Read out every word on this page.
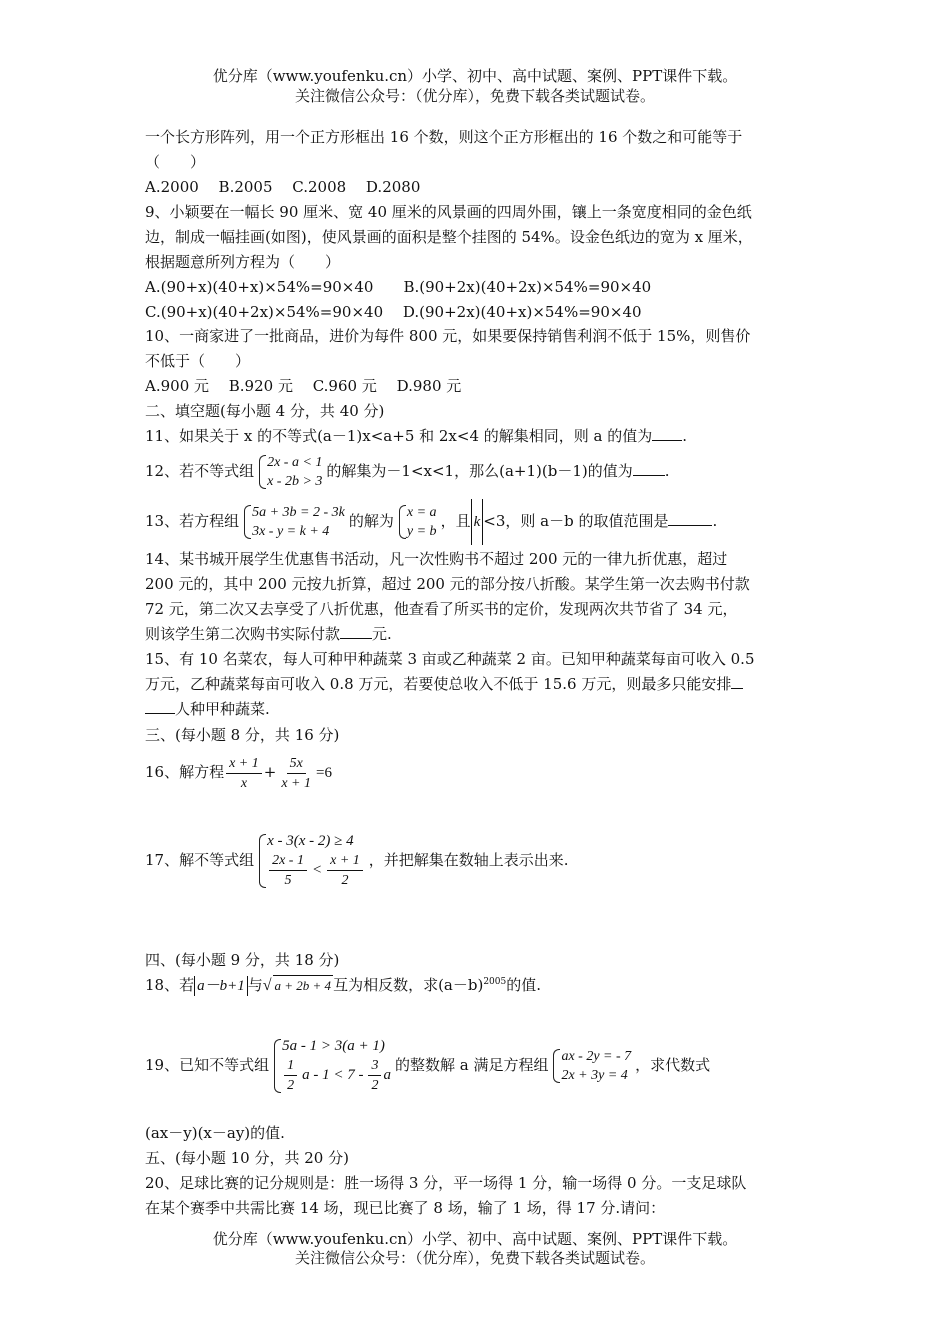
优分库（www.youfenku.cn）小学、初中、高中试题、案例、PPT课件下载。
关注微信公众号：（优分库），免费下载各类试题试卷。
一个长方形阵列，用一个正方形框出 16 个数，则这个正方形框出的 16 个数之和可能等于
（　　）
A.2000　 B.2005　 C.2008　 D.2080
9、小颖要在一幅长 90 厘米、宽 40 厘米的风景画的四周外围，镶上一条宽度相同的金色纸
边，制成一幅挂画(如图)，使风景画的面积是整个挂图的 54%。设金色纸边的宽为 x 厘米，
根据题意所列方程为（　　）
A.(90+x)(40+x)×54%=90×40　　B.(90+2x)(40+2x)×54%=90×40
C.(90+x)(40+2x)×54%=90×40　 D.(90+2x)(40+x)×54%=90×40
10、一商家进了一批商品，进价为每件 800 元，如果要保持销售利润不低于 15%，则售价
不低于（　　）
A.900 元　 B.920 元　 C.960 元　 D.980 元
二、填空题(每小题 4 分，共 40 分)
11、如果关于 x 的不等式(a－1)x<a+5 和 2x<4 的解集相同，则 a 的值为 .
12、若不等式组 2x - a < 1
x - 2b > 3
的解集为－1<x<1，那么(a+1)(b－1)的值为 .
13、若方程组 5a + 3b = 2 - 3k
3x - y = k + 4
的解为 x = a
y = b
，且 k <3，则 a－b 的取值范围是	.
14、某书城开展学生优惠售书活动，凡一次性购书不超过 200 元的一律九折优惠，超过
200 元的，其中 200 元按九折算，超过 200 元的部分按八折酸。某学生第一次去购书付款
72 元，第二次又去享受了八折优惠，他查看了所买书的定价，发现两次共节省了 34 元，
则该学生第二次购书实际付款 元.
15、有 10 名菜农，每人可种甲种蔬菜 3 亩或乙种蔬菜 2 亩。已知甲种蔬菜每亩可收入 0.5
万元，乙种蔬菜每亩可收入 0.8 万元，若要使总收入不低于 15.6 万元，则最多只能安排
人种甲种蔬菜.
三、(每小题 8 分，共 16 分)
16、解方程 $\frac{x + 1}{x} + \frac{5x}{x + 1} =6$
17、解不等式组
x - 3(x - 2) ≥ 4
$\frac{2x - 1}{5} < \frac{x + 1}{2}$ ，并把解集在数轴上表示出来.
四、(每小题 9 分，共 18 分)
18、若 a－b+1 与√ a + 2b + 4 互为相反数，求$(a-b)^{2005}$的值.
19、已知不等式组
5a - 1 > 3(a + 1)
$\frac{1}{2}$ $a - 1 < 7 - \frac{3}{2}$ a
的整数解 a 满足方程组 ax - 2y = - 7
2x + 3y = 4
，求代数式
(ax－y)(x－ay)的值.
五、(每小题 10 分，共 20 分)
20、足球比赛的记分规则是：胜一场得 3 分，平一场得 1 分，输一场得 0 分。一支足球队
在某个赛季中共需比赛 14 场，现已比赛了 8 场，输了 1 场，得 17 分.请问：
优分库（www.youfenku.cn）小学、初中、高中试题、案例、PPT课件下载。
关注微信公众号：（优分库），免费下载各类试题试卷。
